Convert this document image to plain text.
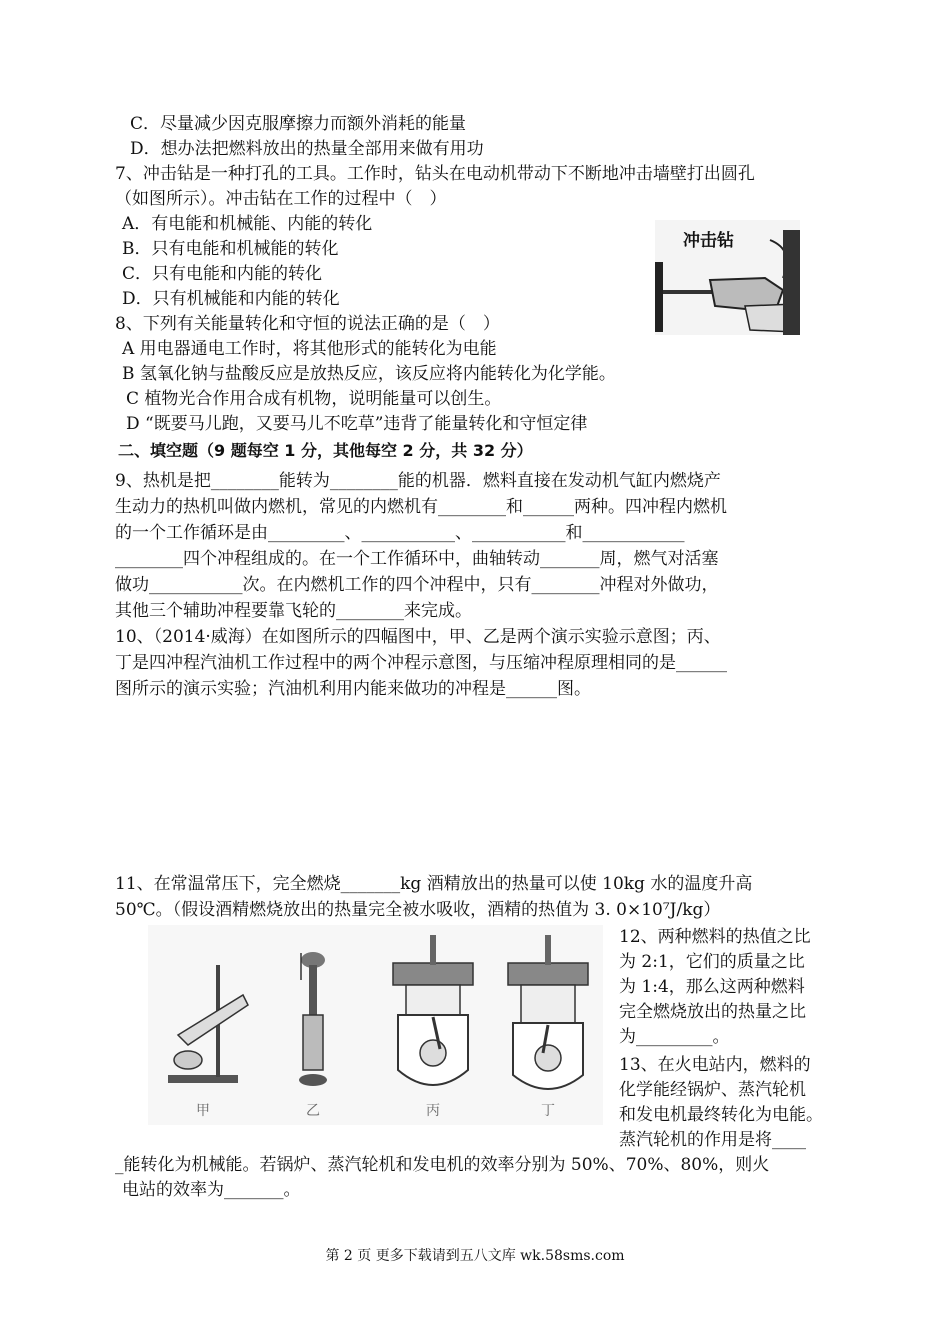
C．尽量减少因克服摩擦力而额外消耗的能量
D．想办法把燃料放出的热量全部用来做有用功
7、冲击钻是一种打孔的工具。工作时，钻头在电动机带动下不断地冲击墙壁打出圆孔
（如图所示）。冲击钻在工作的过程中（　）
A．有电能和机械能、内能的转化
B．只有电能和机械能的转化
C．只有电能和内能的转化
D．只有机械能和内能的转化
冲击钻
8、下列有关能量转化和守恒的说法正确的是（　）
A 用电器通电工作时，将其他形式的能转化为电能
B 氢氧化钠与盐酸反应是放热反应，该反应将内能转化为化学能。
C 植物光合作用合成有机物，说明能量可以创生。
D “既要马儿跑，又要马儿不吃草”违背了能量转化和守恒定律
二、填空题（9 题每空 1 分，其他每空 2 分，共 32 分）
9、热机是把________能转为________能的机器．燃料直接在发动机气缸内燃烧产
生动力的热机叫做内燃机，常见的内燃机有________和______两种。四冲程内燃机
的一个工作循环是由_________、___________、___________和____________
________四个冲程组成的。在一个工作循环中，曲轴转动_______周，燃气对活塞
做功___________次。在内燃机工作的四个冲程中，只有________冲程对外做功，
其他三个辅助冲程要靠飞轮的________来完成。
10、（2014·威海）在如图所示的四幅图中，甲、乙是两个演示实验示意图；丙、
丁是四冲程汽油机工作过程中的两个冲程示意图，与压缩冲程原理相同的是______
图所示的演示实验；汽油机利用内能来做功的冲程是______图。
11、在常温常压下，完全燃烧_______kg 酒精放出的热量可以使 10kg 水的温度升高
50℃。（假设酒精燃烧放出的热量完全被水吸收，酒精的热值为 3. 0×10⁷J/kg）
甲	乙	丙	丁
12、两种燃料的热值之比
为 2:1，它们的质量之比
为 1:4，那么这两种燃料
完全燃烧放出的热量之比
为_________。
13、在火电站内，燃料的
化学能经锅炉、蒸汽轮机
和发电机最终转化为电能。
蒸汽轮机的作用是将____
_能转化为机械能。若锅炉、蒸汽轮机和发电机的效率分别为 50%、70%、80%，则火
电站的效率为_______。
第 2 页 更多下载请到五八文库 wk.58sms.com
